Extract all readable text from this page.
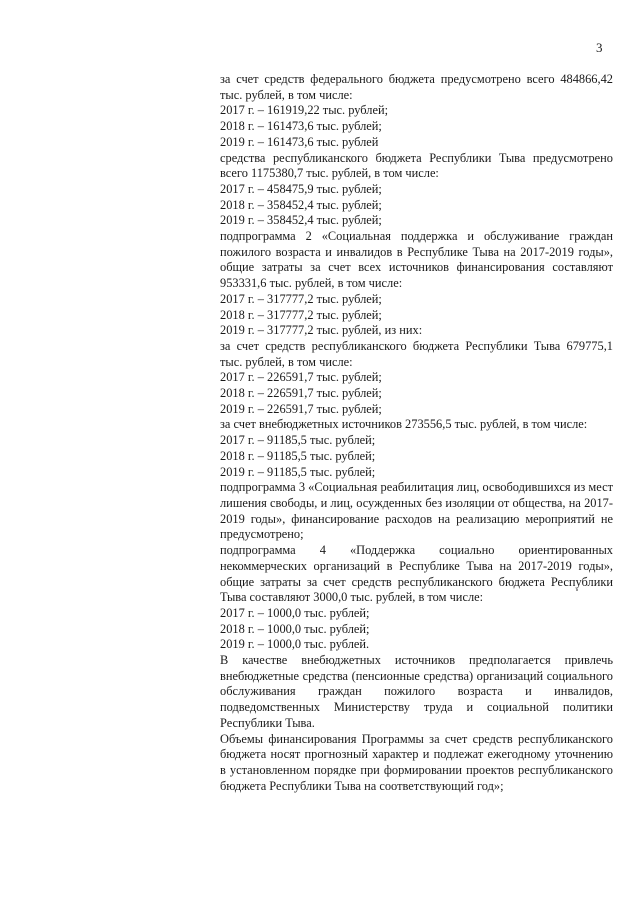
3

за счет средств федерального бюджета предусмотрено всего 484866,42 тыс. рублей, в том числе:

2017 г. – 161919,22 тыс. рублей;

2018 г. – 161473,6 тыс. рублей;

2019 г. – 161473,6 тыс. рублей

средства республиканского бюджета Республики Тыва предусмотрено всего 1175380,7 тыс. рублей, в том числе:

2017 г. – 458475,9 тыс. рублей;

2018 г. – 358452,4 тыс. рублей;

2019 г. – 358452,4 тыс. рублей;

подпрограмма 2 «Социальная поддержка и обслуживание граждан пожилого возраста и инвалидов в Республике Тыва на 2017-2019 годы», общие затраты за счет всех источников финансирования составляют 953331,6 тыс. рублей, в том числе:

2017 г. – 317777,2 тыс. рублей;

2018 г. – 317777,2 тыс. рублей;

2019 г. – 317777,2 тыс. рублей, из них:

за счет средств республиканского бюджета Республики Тыва 679775,1 тыс. рублей, в том числе:

2017 г. – 226591,7 тыс. рублей;

2018 г. – 226591,7 тыс. рублей;

2019 г. – 226591,7 тыс. рублей;

за счет внебюджетных источников 273556,5 тыс. рублей, в том числе:

2017 г. – 91185,5 тыс. рублей;

2018 г. – 91185,5 тыс. рублей;

2019 г. – 91185,5 тыс. рублей;

подпрограмма 3 «Социальная реабилитация лиц, освободившихся из мест лишения свободы, и лиц, осужденных без изоляции от общества, на 2017-2019 годы», финансирование расходов на реализацию мероприятий не предусмотрено;

подпрограмма 4 «Поддержка социально ориентированных некоммерческих организаций в Республике Тыва на 2017-2019 годы», общие затраты за счет средств республиканского бюджета Республики Тыва составляют 3000,0 тыс. рублей, в том числе:

2017 г. – 1000,0 тыс. рублей;

2018 г. – 1000,0 тыс. рублей;

2019 г. – 1000,0 тыс. рублей.

В качестве внебюджетных источников предполагается привлечь внебюджетные средства (пенсионные средства) организаций социального обслуживания граждан пожилого возраста и инвалидов, подведомственных Министерству труда и социальной политики Республики Тыва.

Объемы финансирования Программы за счет средств республиканского бюджета носят прогнозный характер и подлежат ежегодному уточнению в установленном порядке при формировании проектов республиканского бюджета Республики Тыва на соответствующий год»;
